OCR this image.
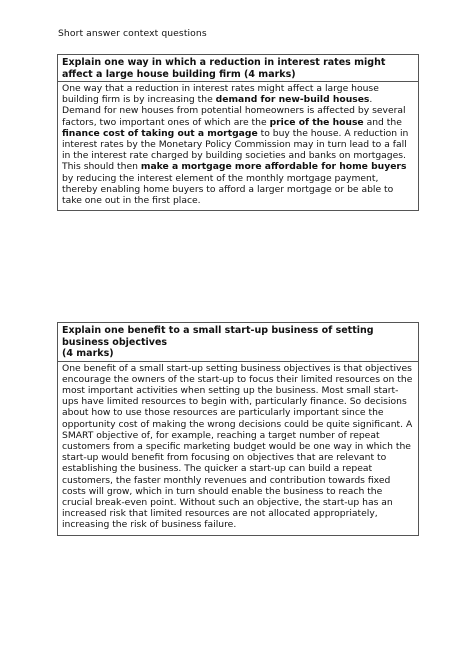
Short answer context questions
Explain one way in which a reduction in interest rates might affect a large house building firm (4 marks)
One way that a reduction in interest rates might affect a large house building firm is by increasing the demand for new-build houses. Demand for new houses from potential homeowners is affected by several factors, two important ones of which are the price of the house and the finance cost of taking out a mortgage to buy the house. A reduction in interest rates by the Monetary Policy Commission may in turn lead to a fall in the interest rate charged by building societies and banks on mortgages. This should then make a mortgage more affordable for home buyers by reducing the interest element of the monthly mortgage payment, thereby enabling home buyers to afford a larger mortgage or be able to take one out in the first place.
Explain one benefit to a small start-up business of setting business objectives
(4 marks)
One benefit of a small start-up setting business objectives is that objectives encourage the owners of the start-up to focus their limited resources on the most important activities when setting up the business. Most small start-ups have limited resources to begin with, particularly finance. So decisions about how to use those resources are particularly important since the opportunity cost of making the wrong decisions could be quite significant. A SMART objective of, for example, reaching a target number of repeat customers from a specific marketing budget would be one way in which the start-up would benefit from focusing on objectives that are relevant to establishing the business. The quicker a start-up can build a repeat customers, the faster monthly revenues and contribution towards fixed costs will grow, which in turn should enable the business to reach the crucial break-even point. Without such an objective, the start-up has an increased risk that limited resources are not allocated appropriately, increasing the risk of business failure.
